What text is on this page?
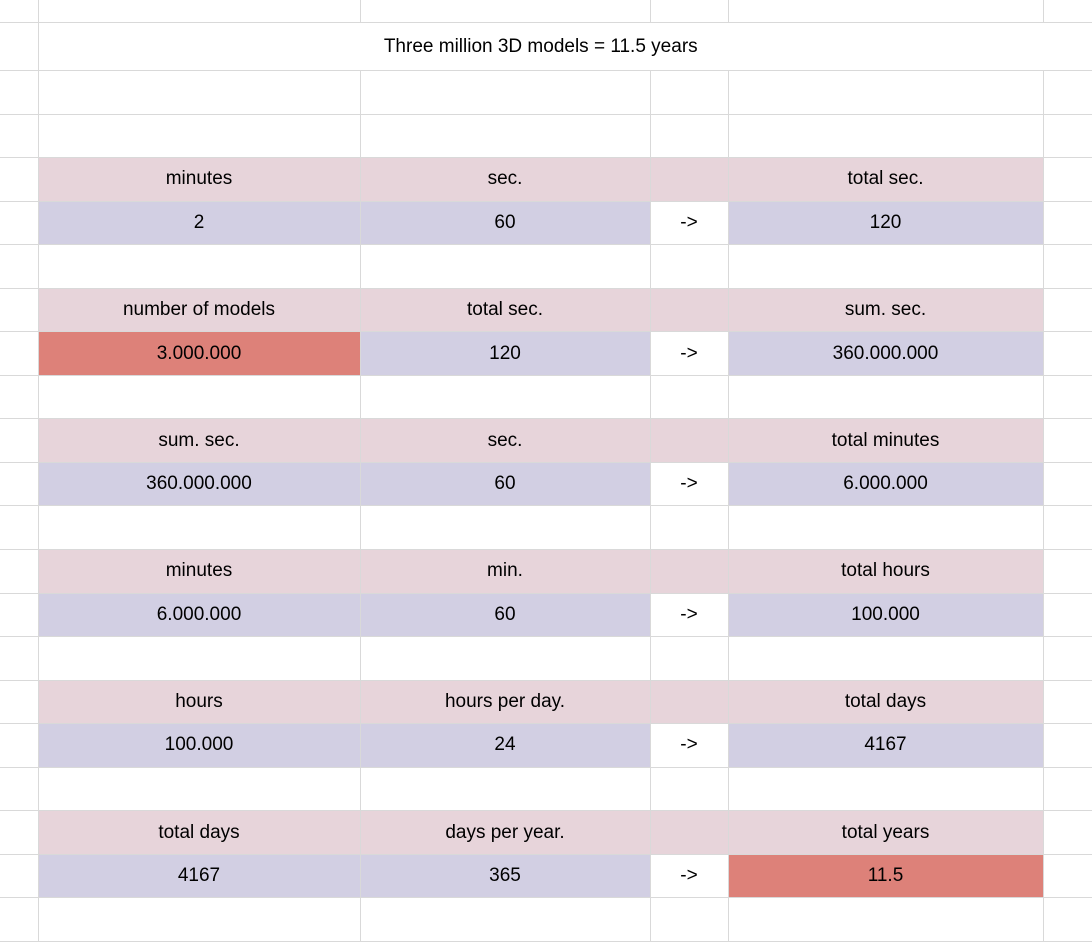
	Three million 3D models = 11.5 years				

	minutes	sec.		total sec.	
	2	60	->	120	

	number of models	total sec.		sum. sec.	
	3.000.000	120	->	360.000.000	

	sum. sec.	sec.		total minutes	
	360.000.000	60	->	6.000.000	

	minutes	min.		total hours	
	6.000.000	60	->	100.000	

	hours	hours per day.		total days	
	100.000	24	->	4167	

	total days	days per year.		total years	
	4167	365	->	11.5	
